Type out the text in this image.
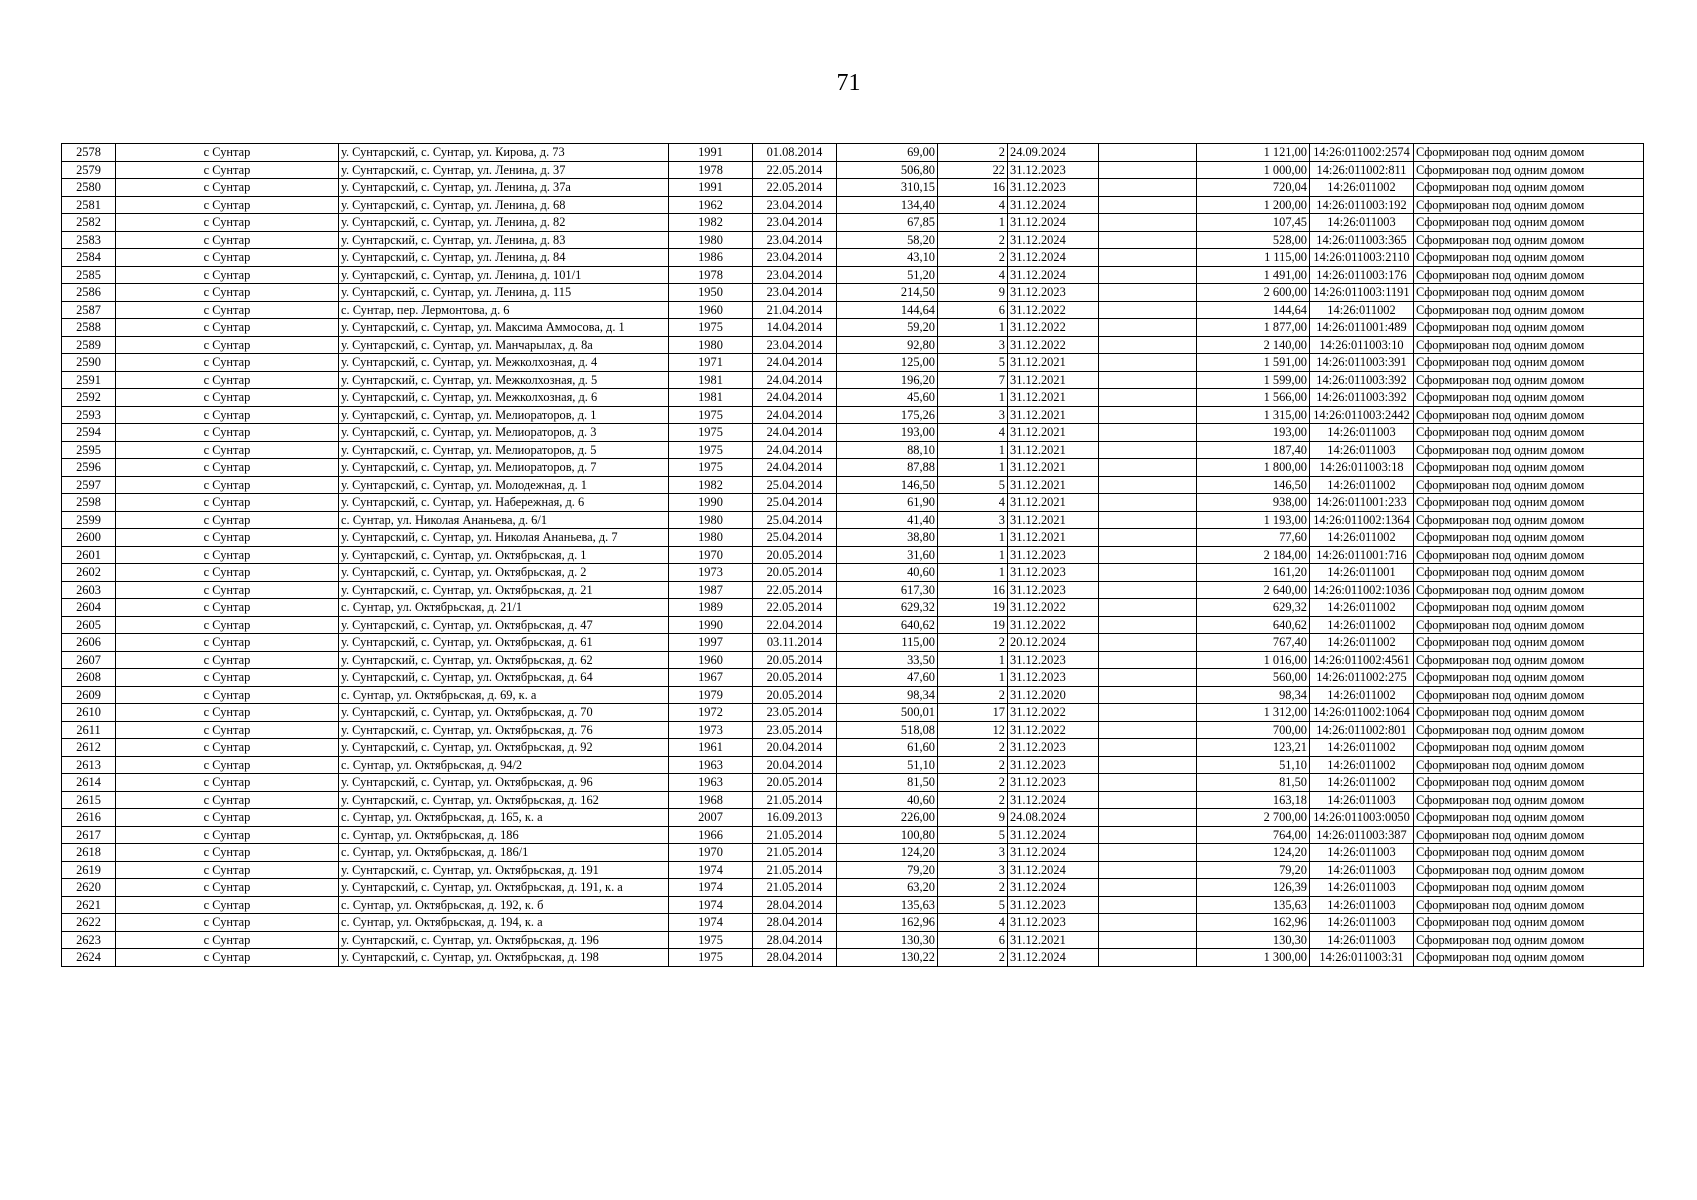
71
2578	с Сунтар	у. Сунтарский, с. Сунтар, ул. Кирова, д. 73	1991	01.08.2014	69,00	2	24.09.2024		1 121,00	14:26:011002:2574	Сформирован под одним домом
2579	с Сунтар	у. Сунтарский, с. Сунтар, ул. Ленина, д. 37	1978	22.05.2014	506,80	22	31.12.2023		1 000,00	14:26:011002:811	Сформирован под одним домом
2580	с Сунтар	у. Сунтарский, с. Сунтар, ул. Ленина, д. 37а	1991	22.05.2014	310,15	16	31.12.2023		720,04	14:26:011002	Сформирован под одним домом
2581	с Сунтар	у. Сунтарский, с. Сунтар, ул. Ленина, д. 68	1962	23.04.2014	134,40	4	31.12.2024		1 200,00	14:26:011003:192	Сформирован под одним домом
2582	с Сунтар	у. Сунтарский, с. Сунтар, ул. Ленина, д. 82	1982	23.04.2014	67,85	1	31.12.2024		107,45	14:26:011003	Сформирован под одним домом
2583	с Сунтар	у. Сунтарский, с. Сунтар, ул. Ленина, д. 83	1980	23.04.2014	58,20	2	31.12.2024		528,00	14:26:011003:365	Сформирован под одним домом
2584	с Сунтар	у. Сунтарский, с. Сунтар, ул. Ленина, д. 84	1986	23.04.2014	43,10	2	31.12.2024		1 115,00	14:26:011003:2110	Сформирован под одним домом
2585	с Сунтар	у. Сунтарский, с. Сунтар, ул. Ленина, д. 101/1	1978	23.04.2014	51,20	4	31.12.2024		1 491,00	14:26:011003:176	Сформирован под одним домом
2586	с Сунтар	у. Сунтарский, с. Сунтар, ул. Ленина, д. 115	1950	23.04.2014	214,50	9	31.12.2023		2 600,00	14:26:011003:1191	Сформирован под одним домом
2587	с Сунтар	с. Сунтар, пер. Лермонтова, д. 6	1960	21.04.2014	144,64	6	31.12.2022		144,64	14:26:011002	Сформирован под одним домом
2588	с Сунтар	у. Сунтарский, с. Сунтар, ул. Максима Аммосова, д. 1	1975	14.04.2014	59,20	1	31.12.2022		1 877,00	14:26:011001:489	Сформирован под одним домом
2589	с Сунтар	у. Сунтарский, с. Сунтар, ул. Манчарылах, д. 8а	1980	23.04.2014	92,80	3	31.12.2022		2 140,00	14:26:011003:10	Сформирован под одним домом
2590	с Сунтар	у. Сунтарский, с. Сунтар, ул. Межколхозная, д. 4	1971	24.04.2014	125,00	5	31.12.2021		1 591,00	14:26:011003:391	Сформирован под одним домом
2591	с Сунтар	у. Сунтарский, с. Сунтар, ул. Межколхозная, д. 5	1981	24.04.2014	196,20	7	31.12.2021		1 599,00	14:26:011003:392	Сформирован под одним домом
2592	с Сунтар	у. Сунтарский, с. Сунтар, ул. Межколхозная, д. 6	1981	24.04.2014	45,60	1	31.12.2021		1 566,00	14:26:011003:392	Сформирован под одним домом
2593	с Сунтар	у. Сунтарский, с. Сунтар, ул. Мелиораторов, д. 1	1975	24.04.2014	175,26	3	31.12.2021		1 315,00	14:26:011003:2442	Сформирован под одним домом
2594	с Сунтар	у. Сунтарский, с. Сунтар, ул. Мелиораторов, д. 3	1975	24.04.2014	193,00	4	31.12.2021		193,00	14:26:011003	Сформирован под одним домом
2595	с Сунтар	у. Сунтарский, с. Сунтар, ул. Мелиораторов, д. 5	1975	24.04.2014	88,10	1	31.12.2021		187,40	14:26:011003	Сформирован под одним домом
2596	с Сунтар	у. Сунтарский, с. Сунтар, ул. Мелиораторов, д. 7	1975	24.04.2014	87,88	1	31.12.2021		1 800,00	14:26:011003:18	Сформирован под одним домом
2597	с Сунтар	у. Сунтарский, с. Сунтар, ул. Молодежная, д. 1	1982	25.04.2014	146,50	5	31.12.2021		146,50	14:26:011002	Сформирован под одним домом
2598	с Сунтар	у. Сунтарский, с. Сунтар, ул. Набережная, д. 6	1990	25.04.2014	61,90	4	31.12.2021		938,00	14:26:011001:233	Сформирован под одним домом
2599	с Сунтар	с. Сунтар, ул. Николая Ананьева, д. 6/1	1980	25.04.2014	41,40	3	31.12.2021		1 193,00	14:26:011002:1364	Сформирован под одним домом
2600	с Сунтар	у. Сунтарский, с. Сунтар, ул. Николая Ананьева, д. 7	1980	25.04.2014	38,80	1	31.12.2021		77,60	14:26:011002	Сформирован под одним домом
2601	с Сунтар	у. Сунтарский, с. Сунтар, ул. Октябрьская, д. 1	1970	20.05.2014	31,60	1	31.12.2023		2 184,00	14:26:011001:716	Сформирован под одним домом
2602	с Сунтар	у. Сунтарский, с. Сунтар, ул. Октябрьская, д. 2	1973	20.05.2014	40,60	1	31.12.2023		161,20	14:26:011001	Сформирован под одним домом
2603	с Сунтар	у. Сунтарский, с. Сунтар, ул. Октябрьская, д. 21	1987	22.05.2014	617,30	16	31.12.2023		2 640,00	14:26:011002:1036	Сформирован под одним домом
2604	с Сунтар	с. Сунтар, ул. Октябрьская, д. 21/1	1989	22.05.2014	629,32	19	31.12.2022		629,32	14:26:011002	Сформирован под одним домом
2605	с Сунтар	у. Сунтарский, с. Сунтар, ул. Октябрьская, д. 47	1990	22.04.2014	640,62	19	31.12.2022		640,62	14:26:011002	Сформирован под одним домом
2606	с Сунтар	у. Сунтарский, с. Сунтар, ул. Октябрьская, д. 61	1997	03.11.2014	115,00	2	20.12.2024		767,40	14:26:011002	Сформирован под одним домом
2607	с Сунтар	у. Сунтарский, с. Сунтар, ул. Октябрьская, д. 62	1960	20.05.2014	33,50	1	31.12.2023		1 016,00	14:26:011002:4561	Сформирован под одним домом
2608	с Сунтар	у. Сунтарский, с. Сунтар, ул. Октябрьская, д. 64	1967	20.05.2014	47,60	1	31.12.2023		560,00	14:26:011002:275	Сформирован под одним домом
2609	с Сунтар	с. Сунтар, ул. Октябрьская, д. 69, к. а	1979	20.05.2014	98,34	2	31.12.2020		98,34	14:26:011002	Сформирован под одним домом
2610	с Сунтар	у. Сунтарский, с. Сунтар, ул. Октябрьская, д. 70	1972	23.05.2014	500,01	17	31.12.2022		1 312,00	14:26:011002:1064	Сформирован под одним домом
2611	с Сунтар	у. Сунтарский, с. Сунтар, ул. Октябрьская, д. 76	1973	23.05.2014	518,08	12	31.12.2022		700,00	14:26:011002:801	Сформирован под одним домом
2612	с Сунтар	у. Сунтарский, с. Сунтар, ул. Октябрьская, д. 92	1961	20.04.2014	61,60	2	31.12.2023		123,21	14:26:011002	Сформирован под одним домом
2613	с Сунтар	с. Сунтар, ул. Октябрьская, д. 94/2	1963	20.04.2014	51,10	2	31.12.2023		51,10	14:26:011002	Сформирован под одним домом
2614	с Сунтар	у. Сунтарский, с. Сунтар, ул. Октябрьская, д. 96	1963	20.05.2014	81,50	2	31.12.2023		81,50	14:26:011002	Сформирован под одним домом
2615	с Сунтар	у. Сунтарский, с. Сунтар, ул. Октябрьская, д. 162	1968	21.05.2014	40,60	2	31.12.2024		163,18	14:26:011003	Сформирован под одним домом
2616	с Сунтар	с. Сунтар, ул. Октябрьская, д. 165, к. а	2007	16.09.2013	226,00	9	24.08.2024		2 700,00	14:26:011003:0050	Сформирован под одним домом
2617	с Сунтар	с. Сунтар, ул. Октябрьская, д. 186	1966	21.05.2014	100,80	5	31.12.2024		764,00	14:26:011003:387	Сформирован под одним домом
2618	с Сунтар	с. Сунтар, ул. Октябрьская, д. 186/1	1970	21.05.2014	124,20	3	31.12.2024		124,20	14:26:011003	Сформирован под одним домом
2619	с Сунтар	у. Сунтарский, с. Сунтар, ул. Октябрьская, д. 191	1974	21.05.2014	79,20	3	31.12.2024		79,20	14:26:011003	Сформирован под одним домом
2620	с Сунтар	у. Сунтарский, с. Сунтар, ул. Октябрьская, д. 191, к. а	1974	21.05.2014	63,20	2	31.12.2024		126,39	14:26:011003	Сформирован под одним домом
2621	с Сунтар	с. Сунтар, ул. Октябрьская, д. 192, к. б	1974	28.04.2014	135,63	5	31.12.2023		135,63	14:26:011003	Сформирован под одним домом
2622	с Сунтар	с. Сунтар, ул. Октябрьская, д. 194, к. а	1974	28.04.2014	162,96	4	31.12.2023		162,96	14:26:011003	Сформирован под одним домом
2623	с Сунтар	у. Сунтарский, с. Сунтар, ул. Октябрьская, д. 196	1975	28.04.2014	130,30	6	31.12.2021		130,30	14:26:011003	Сформирован под одним домом
2624	с Сунтар	у. Сунтарский, с. Сунтар, ул. Октябрьская, д. 198	1975	28.04.2014	130,22	2	31.12.2024		1 300,00	14:26:011003:31	Сформирован под одним домом
